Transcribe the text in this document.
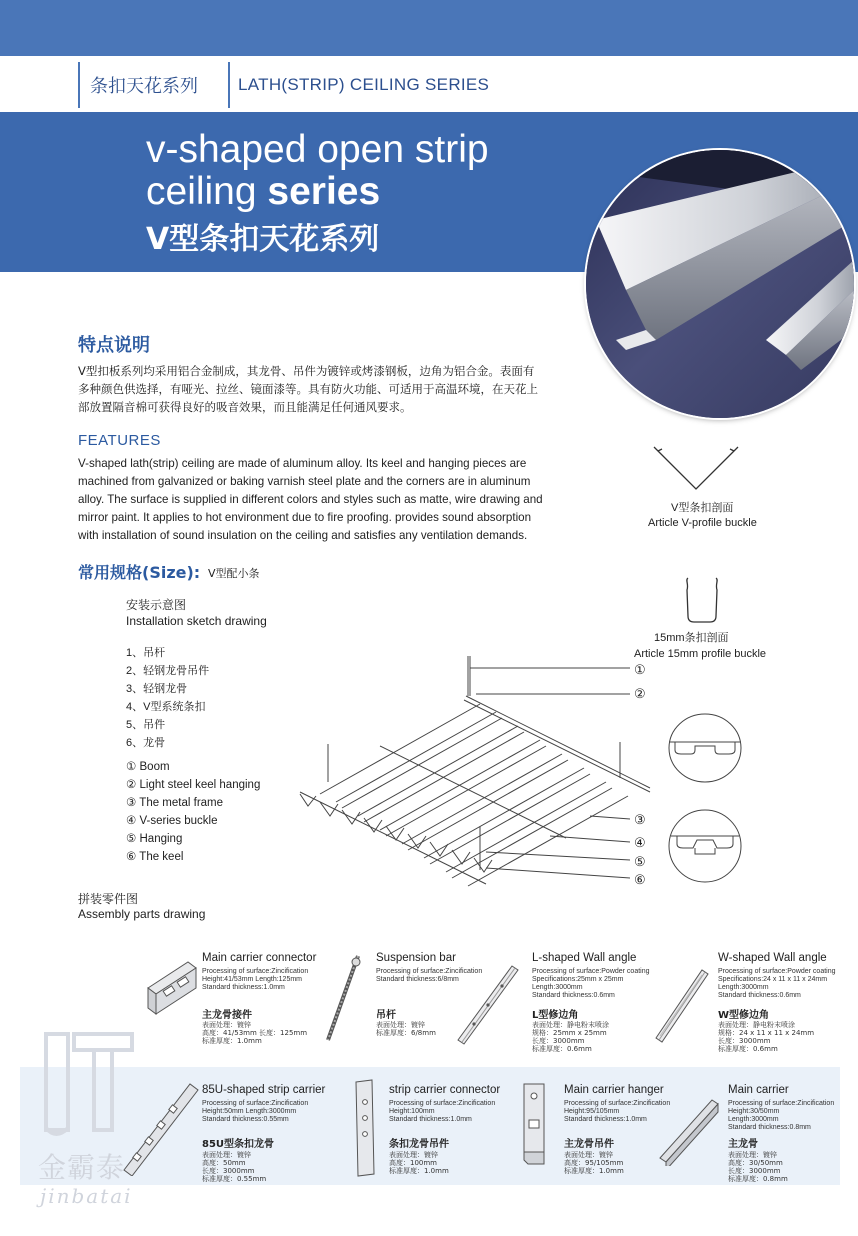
条扣天花系列 LATH(STRIP) CEILING SERIES
v-shaped open strip
ceiling series
V型条扣天花系列
特点说明
V型扣板系列均采用铝合金制成，其龙骨、吊件为镀锌或烤漆钢板，边角为铝合金。表面有
多种颜色供选择，有哑光、拉丝、镜面漆等。具有防火功能、可适用于高温环境，在天花上
部放置隔音棉可获得良好的吸音效果，而且能满足任何通风要求。
FEATURES
V-shaped lath(strip) ceiling are made of aluminum alloy. Its keel and hanging pieces are
machined from galvanized or baking varnish steel plate and the corners are in aluminum
alloy. The surface is supplied in different colors and styles such as matte, wire drawing and
mirror paint. It applies to hot environment due to fire proofing. provides sound absorption
with installation of sound insulation on the ceiling and satisfies any ventilation demands.
V型条扣剖面
Article V-profile buckle
15mm条扣剖面
Article 15mm profile buckle
常用规格(Size): V型配小条
安装示意图
Installation sketch drawing
1、吊杆
2、轻钢龙骨吊件
3、轻钢龙骨
4、V型系统条扣
5、吊件
6、龙骨
① Boom
② Light steel keel hanging
③ The metal frame
④ V-series buckle
⑤ Hanging
⑥ The keel
①
②
③
④
⑤
⑥
拼装零件图
Assembly parts drawing
Main carrier connector
Processing of surface:Zincification
Height:41/53mm Length:125mm
Standard thickness:1.0mm
主龙骨接件
表面处理：镀锌
高度：41/53mm 长度：125mm
标准厚度：1.0mm
Suspension bar
Processing of surface:Zincification
Standard thickness:6/8mm
吊杆
表面处理：镀锌
标准厚度：6/8mm
L-shaped Wall angle
Processing of surface:Powder coating
Specifications:25mm x 25mm
Length:3000mm
Standard thickness:0.6mm
L型修边角
表面处理：静电粉末喷涂
规格：25mm x 25mm
长度：3000mm
标准厚度：0.6mm
W-shaped Wall angle
Processing of surface:Powder coating
Specifications:24 x 11 x 11 x 24mm
Length:3000mm
Standard thickness:0.6mm
W型修边角
表面处理：静电粉末喷涂
规格：24 x 11 x 11 x 24mm
长度：3000mm
标准厚度：0.6mm
金霸泰
jinbatai
85U-shaped strip carrier
Processing of surface:Zincification
Height:50mm Length:3000mm
Standard thickness:0.55mm
85U型条扣龙骨
表面处理：镀锌
高度：50mm
长度：3000mm
标准厚度：0.55mm
strip carrier connector
Processing of surface:Zincification
Height:100mm
Standard thickness:1.0mm
条扣龙骨吊件
表面处理：镀锌
高度：100mm
标准厚度：1.0mm
Main carrier hanger
Processing of surface:Zincification
Height:95/105mm
Standard thickness:1.0mm
主龙骨吊件
表面处理：镀锌
高度：95/105mm
标准厚度：1.0mm
Main carrier
Processing of surface:Zincification
Height:30/50mm
Length:3000mm
Standard thickness:0.8mm
主龙骨
表面处理：镀锌
高度：30/50mm
长度：3000mm
标准厚度：0.8mm
